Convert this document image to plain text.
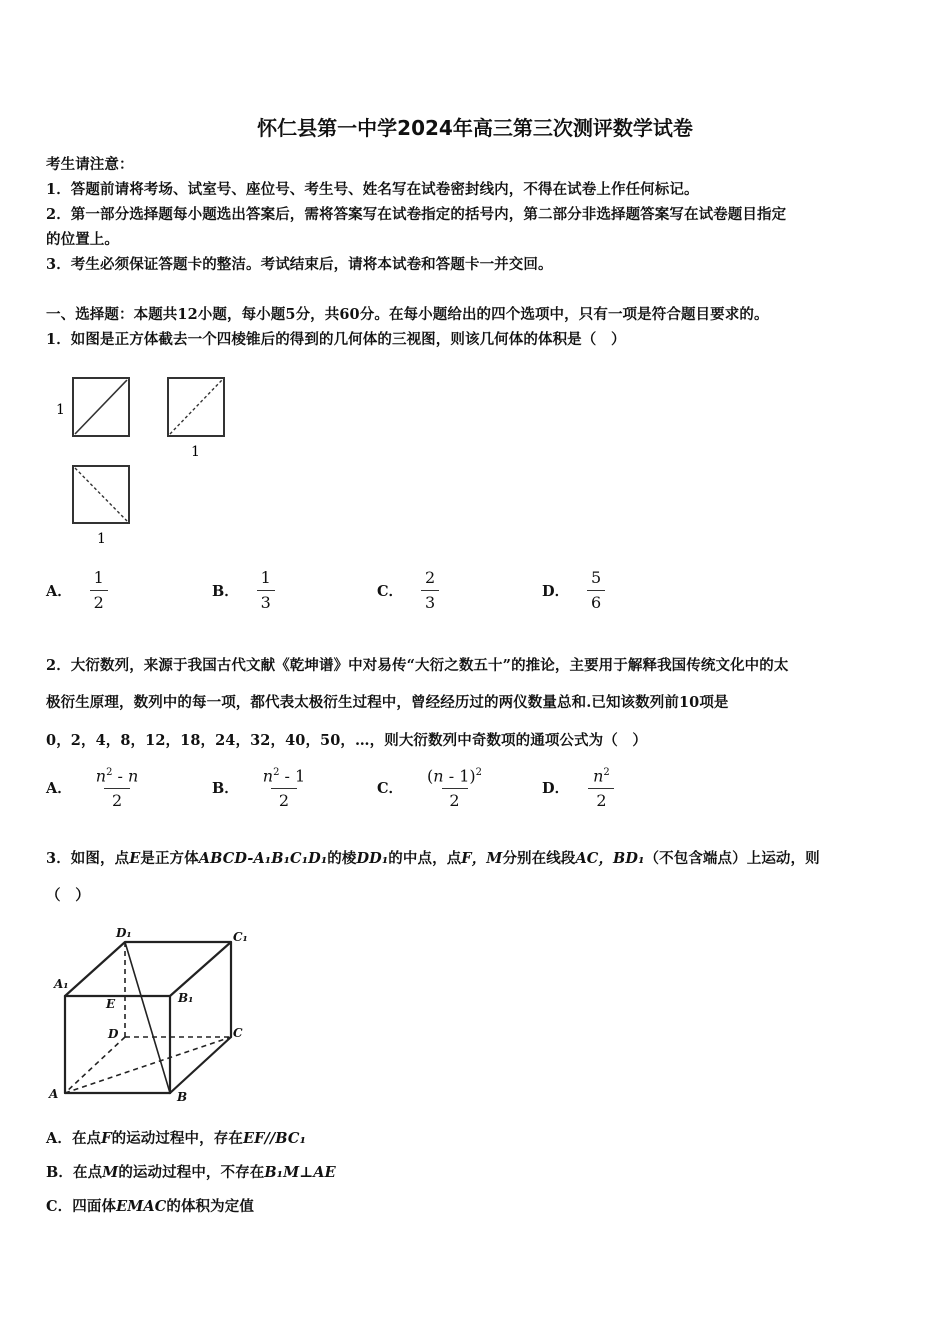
怀仁县第一中学2024年高三第三次测评数学试卷
考生请注意：
1．答题前请将考场、试室号、座位号、考生号、姓名写在试卷密封线内，不得在试卷上作任何标记。
2．第一部分选择题每小题选出答案后，需将答案写在试卷指定的括号内，第二部分非选择题答案写在试卷题目指定
的位置上。
3．考生必须保证答题卡的整洁。考试结束后，请将本试卷和答题卡一并交回。
一、选择题：本题共12小题，每小题5分，共60分。在每小题给出的四个选项中，只有一项是符合题目要求的。
1．如图是正方体截去一个四棱锥后的得到的几何体的三视图，则该几何体的体积是（　）
1
1
1
A． $\frac{1}{2}$	B． $\frac{1}{3}$	C． $\frac{2}{3}$	D． $\frac{5}{6}$
2．大衍数列，来源于我国古代文献《乾坤谱》中对易传“大衍之数五十”的推论，主要用于解释我国传统文化中的太
极衍生原理，数列中的每一项，都代表太极衍生过程中，曾经经历过的两仪数量总和.已知该数列前10项是
0，2，4，8，12，18，24，32，40，50，…，则大衍数列中奇数项的通项公式为（　）
A． $\frac{n^2 - n}{2}$	B． $\frac{n^2 - 1}{2}$	C． $\frac{(n - 1)^2}{2}$	D． $\frac{n^2}{2}$
3．如图，点E是正方体ABCD-A₁B₁C₁D₁的棱DD₁的中点，点F，M分别在线段AC，BD₁（不包含端点）上运动，则
（　）
D₁	C₁
A₁
B₁
E
D	C
A	B
A．在点F的运动过程中，存在EF//BC₁
B．在点M的运动过程中，不存在B₁M⊥AE
C．四面体EMAC的体积为定值
